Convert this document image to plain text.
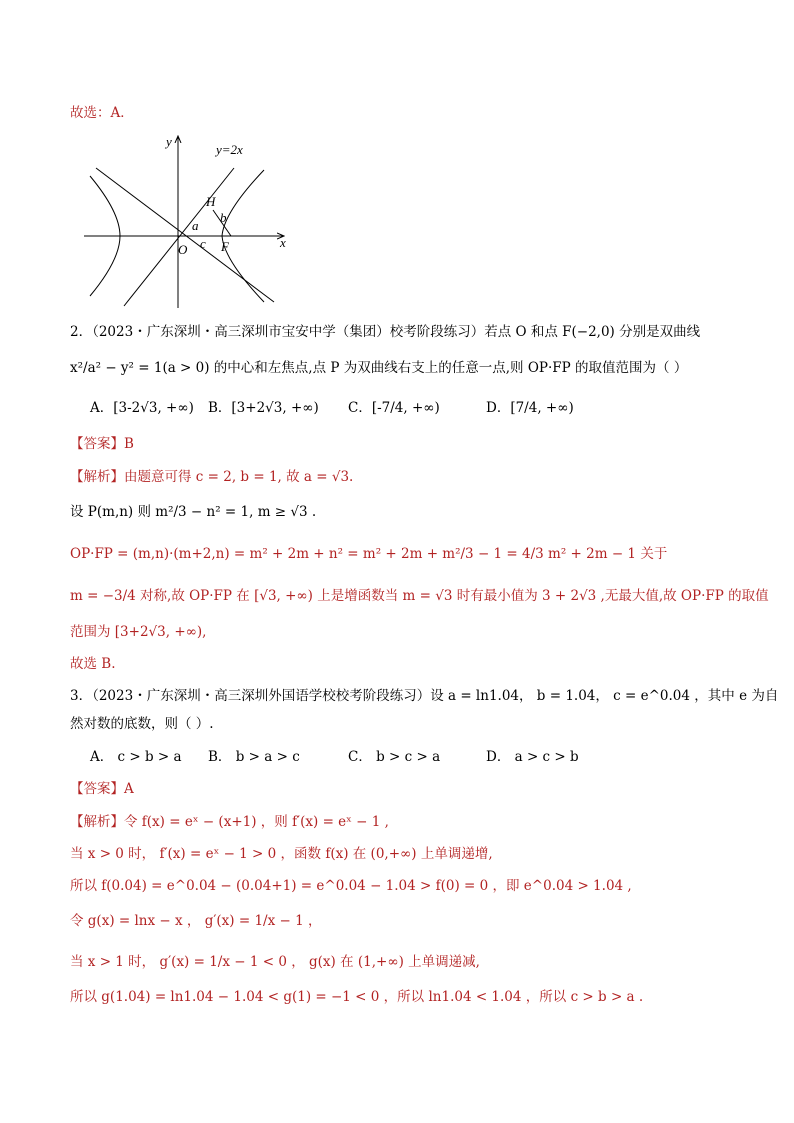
故选：A．
y=2x
x
y
O
H
F
a
b
c
2．（2023・广东深圳・高三深圳市宝安中学（集团）校考阶段练习）若点 O 和点 F(−2,0) 分别是双曲线
x²/a² − y² = 1(a > 0) 的中心和左焦点,点 P 为双曲线右支上的任意一点,则 OP·FP 的取值范围为（ ）
A．[3-2√3, +∞) B．[3+2√3, +∞) C．[-7/4, +∞)	D．[7/4, +∞)
【答案】B
【解析】由题意可得 c = 2, b = 1, 故 a = √3.
设 P(m,n) 则 m²/3 − n² = 1, m ≥ √3 .
OP·FP = (m,n)·(m+2,n) = m² + 2m + n² = m² + 2m + m²/3 − 1 = 4/3 m² + 2m − 1 关于
m = −3/4 对称,故 OP·FP 在 [√3, +∞) 上是增函数当 m = √3 时有最小值为 3 + 2√3 ,无最大值,故 OP·FP 的取值
范围为 [3+2√3, +∞),
故选 B.
3．（2023・广东深圳・高三深圳外国语学校校考阶段练习）设 a = ln1.04， b = 1.04， c = e^0.04 ，其中 e 为自
然对数的底数，则（ ）.
A． c > b > a B． b > a > c	C． b > c > a	D． a > c > b
【答案】A
【解析】令 f(x) = eˣ − (x+1) ，则 f′(x) = eˣ − 1 ,
当 x > 0 时， f′(x) = eˣ − 1 > 0 ，函数 f(x) 在 (0,+∞) 上单调递增,
所以 f(0.04) = e^0.04 − (0.04+1) = e^0.04 − 1.04 > f(0) = 0 ，即 e^0.04 > 1.04 ,
令 g(x) = lnx − x ， g′(x) = 1/x − 1 ，
当 x > 1 时， g′(x) = 1/x − 1 < 0 ， g(x) 在 (1,+∞) 上单调递减,
所以 g(1.04) = ln1.04 − 1.04 < g(1) = −1 < 0 ，所以 ln1.04 < 1.04 ，所以 c > b > a .
